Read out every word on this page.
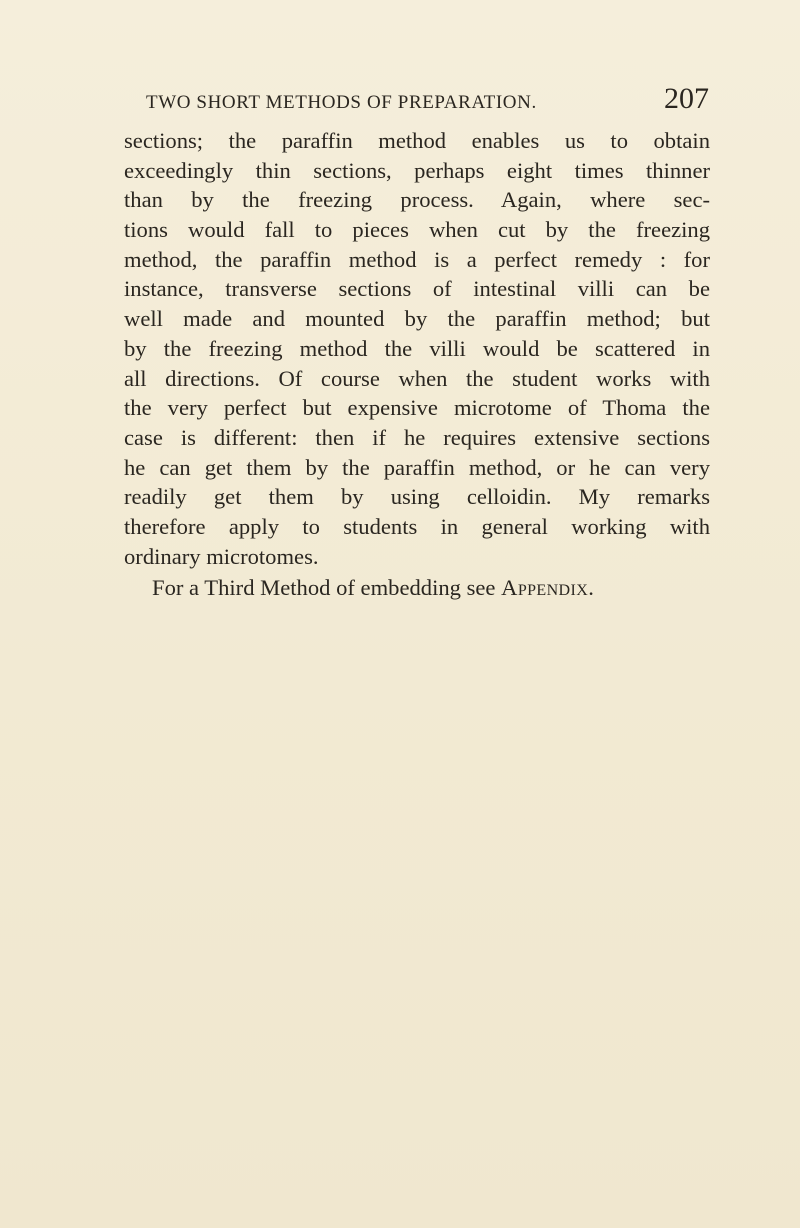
TWO SHORT METHODS OF PREPARATION.	207
sections; the paraffin method enables us to obtain
exceedingly thin sections, perhaps eight times thinner
than by the freezing process. Again, where sec-
tions would fall to pieces when cut by the freezing
method, the paraffin method is a perfect remedy : for
instance, transverse sections of intestinal villi can be
well made and mounted by the paraffin method; but
by the freezing method the villi would be scattered in
all directions. Of course when the student works with
the very perfect but expensive microtome of Thoma the
case is different: then if he requires extensive sections
he can get them by the paraffin method, or he can very
readily get them by using celloidin. My remarks
therefore apply to students in general working with
ordinary microtomes.
For a Third Method of embedding see Appendix.
